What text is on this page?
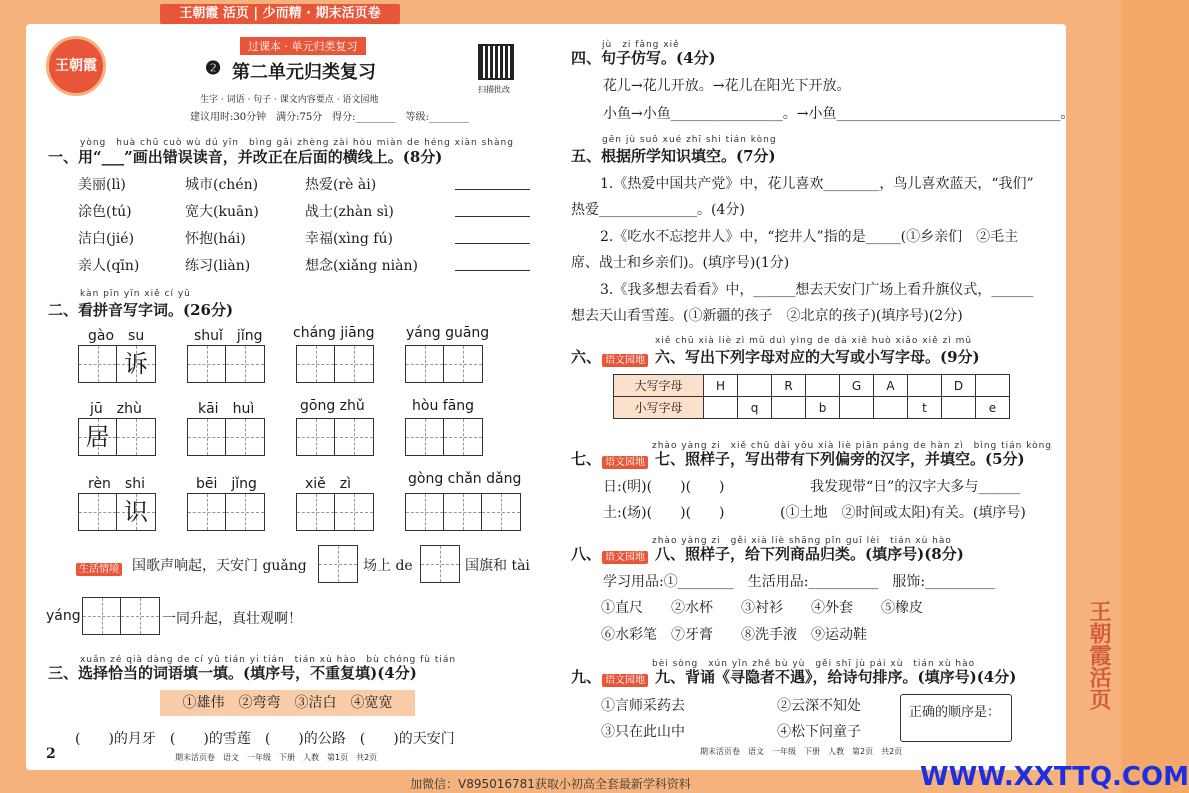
王朝霞 活页 | 少而精 · 期末活页卷
王朝霞
过课本 · 单元归类复习
❷ 第二单元归类复习
扫描批改
生字 · 词语 · 句子 · 课文内容要点 · 语文园地
建议用时:30分钟　满分:75分　得分:________　等级:________
yòng　huà chū cuò wù dú yīn　bìng gǎi zhèng zài hòu miàn de héng xiàn shàng
一、用“___”画出错误读音，并改正在后面的横线上。(8分)
美丽(lì)	城市(chén)	热爱(rè ài)
涂色(tú)	宽大(kuān)	战士(zhàn sì)
洁白(jié)	怀抱(hái)	幸福(xìng fú)
亲人(qīn)	练习(liàn)	想念(xiǎng niàn)
kàn pīn yīn xiě cí yǔ
二、看拼音写字词。(26分)
gào　su
诉
shuǐ　jǐng cháng jiāng yáng guāng
jū　zhù
居
kāi　huì	gōng zhǔ	hòu fāng
rèn　shi
识
bēi　jǐng	xiě　zì	gòng chǎn dǎng
生活情境 国歌声响起，天安门 guǎng	场上 de	国旗和 tài
yáng	一同升起，真壮观啊！
xuǎn zé qià dàng de cí yǔ tián yi tián　tián xù hào　bù chóng fù tián
三、选择恰当的词语填一填。(填序号，不重复填)(4分)
①雄伟　②弯弯　③洁白　④宽宽
(　　)的月牙　(　　)的雪莲　(　　)的公路　(　　)的天安门
2	期末活页卷　语文　一年级　下册　人教　第1页　共2页
jù　zi fǎng xiě
四、句子仿写。(4分)
花儿→花儿开放。→花儿在阳光下开放。
小鱼→小鱼________________。→小鱼________________________________。
gēn jù suǒ xué zhī shi tián kòng
五、根据所学知识填空。(7分)
1.《热爱中国共产党》中，花儿喜欢________，鸟儿喜欢蓝天，“我们”
热爱______________。(4分)
2.《吃水不忘挖井人》中，“挖井人”指的是_____(①乡亲们　②毛主
席、战士和乡亲们)。(填序号)(1分)
3.《我多想去看看》中，______想去天安门广场上看升旗仪式，______
想去天山看雪莲。(①新疆的孩子　②北京的孩子)(填序号)(2分)
xiě chū xià liè zì mǔ duì yìng de dà xiě huò xiǎo xiě zì mǔ
六、 语文园地 六、写出下列字母对应的大写或小写字母。(9分)
大写字母	H		R		G	A		D	
小写字母		q		b			t		e
zhào yàng zi　xiě chū dài yǒu xià liè piān páng de hàn zì　bìng tián kòng
七、 语文园地 七、照样子，写出带有下列偏旁的汉字，并填空。(5分)
日:(明)(　　)(　　)	我发现带“日”的汉字大多与______
土:(场)(　　)(　　)	(①土地　②时间或太阳)有关。(填序号)
zhào yàng zi　gěi xià liè shāng pǐn guī lèi　tián xù hào
八、 语文园地 八、照样子，给下列商品归类。(填序号)(8分)
学习用品:①________　生活用品:__________　服饰:__________
①直尺　　②水杯　　③衬衫　　④外套　　⑤橡皮
⑥水彩笔　⑦牙膏　　⑧洗手液　⑨运动鞋
bèi sòng　xún yǐn zhě bù yù　gěi shī jù pái xù　tián xù hào
九、 语文园地 九、背诵《寻隐者不遇》，给诗句排序。(填序号)(4分)
①言师采药去	②云深不知处
③只在此山中	④松下问童子
正确的顺序是：
期末活页卷　语文　一年级　下册　人教　第2页　共2页
王朝霞活页
WWW.XXTTQ.COM
加微信：V895016781获取小初高全套最新学科资料
